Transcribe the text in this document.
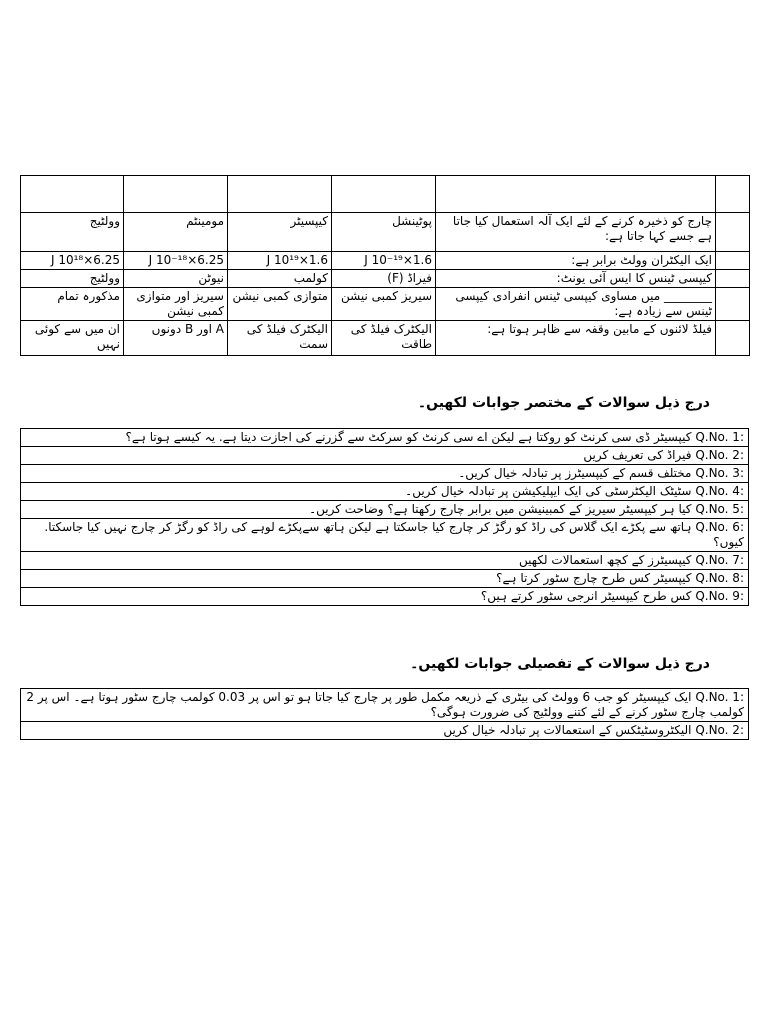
وولٹیج	مومینٹم	کیپسیٹر	پوٹینشل	چارج کو ذخیرہ کرنے کے لئے ایک آلہ استعمال کیا جاتا ہے جسے کہا جاتا ہے:	
6.25×10¹⁸ J	6.25×10⁻¹⁸ J	1.6×10¹⁹ J	1.6×10⁻¹⁹ J	ایک الیکٹران وولٹ برابر ہے:	
وولٹیج	نیوٹن	کولمب	فیراڈ (F)	کیپسی ٹینس کا ایس آئی یونٹ:	
مذکورہ تمام	سیریز اور متوازی کمبی نیشن	متوازی کمبی نیشن	سیریز کمبی نیشن	________ میں مساوی کیپسی ٹینس انفرادی کیپسی ٹینس سے زیادہ ہے:	
ان میں سے کوئی نہیں	A اور B دونوں	الیکٹرک فیلڈ کی سمت	الیکٹرک فیلڈ کی طاقت	فیلڈ لائنوں کے مابین وقفہ سے ظاہر ہوتا ہے:	
درج ذیل سوالات کے مختصر جوابات لکھیں۔
Q.No. 1: کیپسیٹر ڈی سی کرنٹ کو روکتا ہے لیکن اے سی کرنٹ کو سرکٹ سے گزرنے کی اجازت دیتا ہے. یہ کیسے ہوتا ہے؟
Q.No. 2: فیراڈ کی تعریف کریں
Q.No. 3: مختلف قسم کے کیپسیٹرز پر تبادلہ خیال کریں۔
Q.No. 4: سٹیٹک الیکٹرسٹی کی ایک ایپلیکیشن پر تبادلہ خیال کریں۔
Q.No. 5: کیا ہر کیپسیٹر سیریز کے کمبینیشن میں برابر چارج رکھتا ہے؟ وضاحت کریں۔
Q.No. 6: ہاتھ سے پکڑے ایک گلاس کی راڈ کو رگڑ کر چارج کیا جاسکتا ہے لیکن ہاتھ سےپکڑے لوہے کی راڈ کو رگڑ کر چارج نہیں کیا جاسکتا. کیوں؟
Q.No. 7: کیپسیٹرز کے کچھ استعمالات لکھیں
Q.No. 8: کیپسیٹر کس طرح چارج سٹور کرتا ہے؟
Q.No. 9: کس طرح کیپسیٹر انرجی سٹور کرتے ہیں؟
درج ذیل سوالات کے تفصیلی جوابات لکھیں۔
Q.No. 1: ایک کیپسیٹر کو جب 6 وولٹ کی بیٹری کے ذریعہ مکمل طور پر چارج کیا جاتا ہو تو اس پر 0.03 کولمب چارج سٹور ہوتا ہے۔ اس پر 2 کولمب چارج سٹور کرنے کے لئے کتنے وولٹیج کی ضرورت ہوگی؟
Q.No. 2: الیکٹروسٹیٹکس کے استعمالات پر تبادلہ خیال کریں
